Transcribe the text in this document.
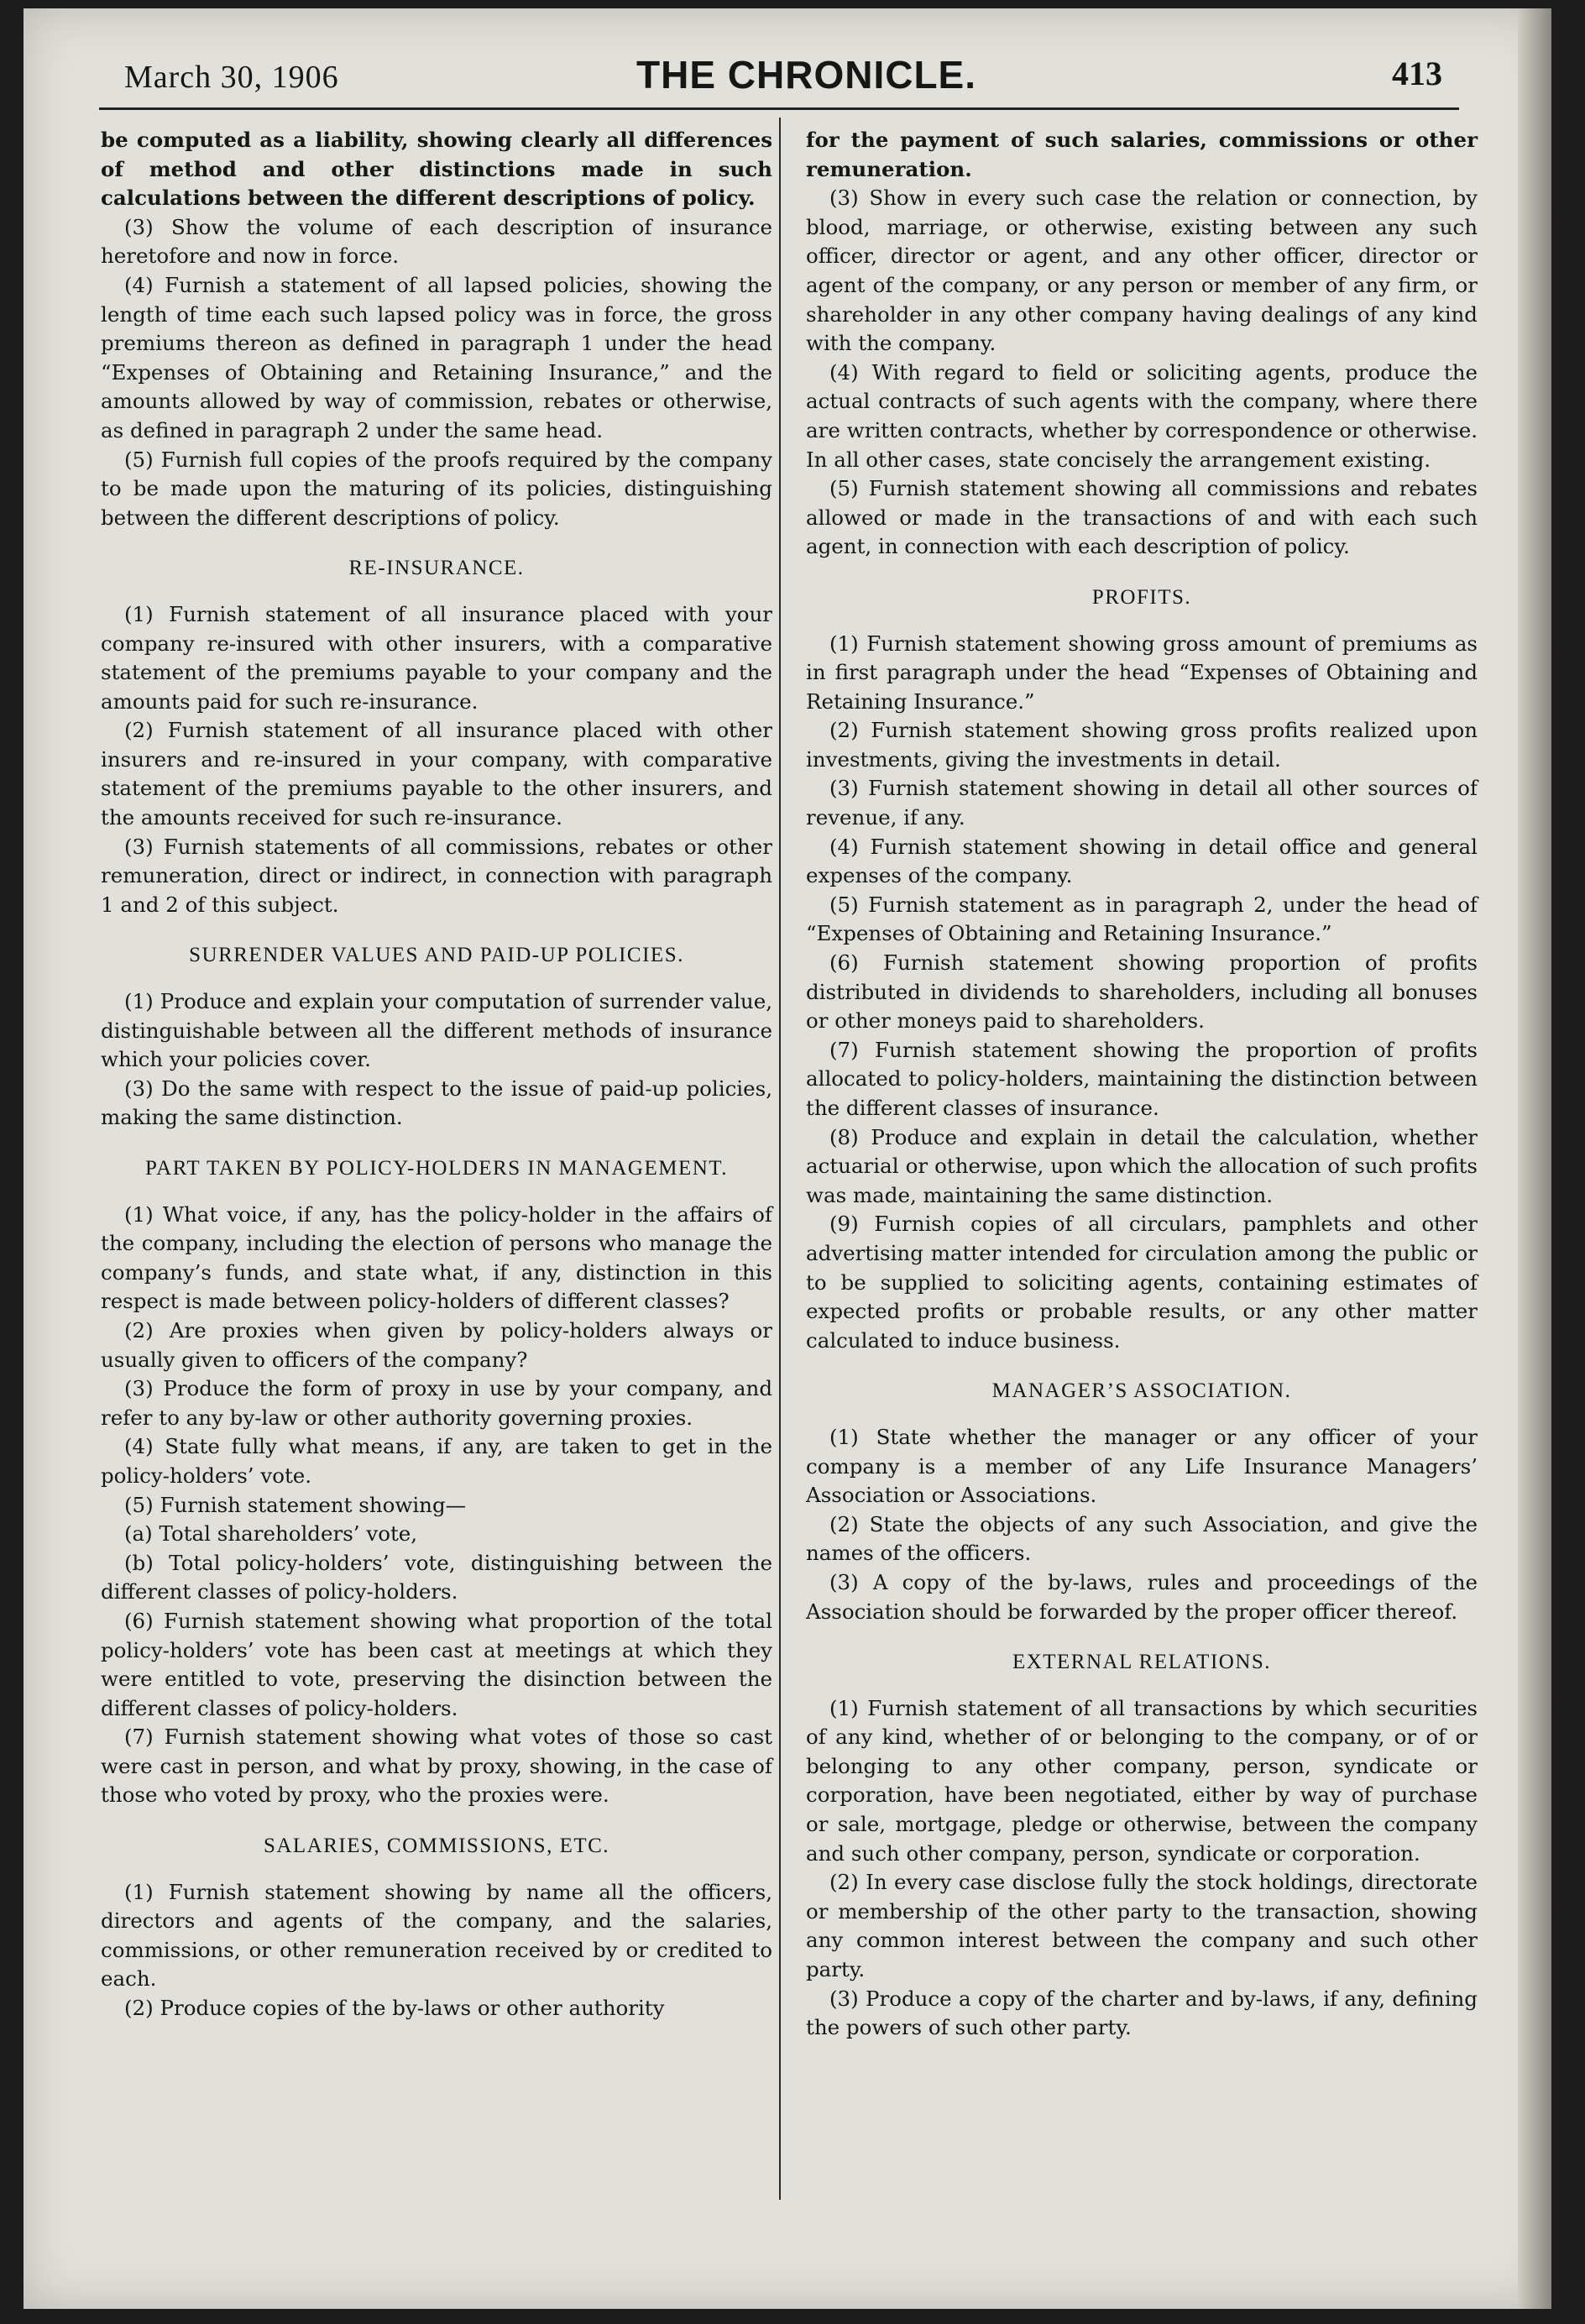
March 30, 1906	THE CHRONICLE.	413

be computed as a liability, showing clearly all differences of method and other distinctions made in such calculations between the different descriptions of policy.

(3) Show the volume of each description of insurance heretofore and now in force.

(4) Furnish a statement of all lapsed policies, showing the length of time each such lapsed policy was in force, the gross premiums thereon as defined in paragraph 1 under the head “Expenses of Obtaining and Retaining Insurance,” and the amounts allowed by way of commission, rebates or otherwise, as defined in paragraph 2 under the same head.

(5) Furnish full copies of the proofs required by the company to be made upon the maturing of its policies, distinguishing between the different descriptions of policy.

RE-INSURANCE.

(1) Furnish statement of all insurance placed with your company re-insured with other insurers, with a comparative statement of the premiums payable to your company and the amounts paid for such re-insurance.

(2) Furnish statement of all insurance placed with other insurers and re-insured in your company, with comparative statement of the premiums payable to the other insurers, and the amounts received for such re-insurance.

(3) Furnish statements of all commissions, rebates or other remuneration, direct or indirect, in connection with paragraph 1 and 2 of this subject.

SURRENDER VALUES AND PAID-UP POLICIES.

(1) Produce and explain your computation of surrender value, distinguishable between all the different methods of insurance which your policies cover.

(3) Do the same with respect to the issue of paid-up policies, making the same distinction.

PART TAKEN BY POLICY-HOLDERS IN MANAGEMENT.

(1) What voice, if any, has the policy-holder in the affairs of the company, including the election of persons who manage the company’s funds, and state what, if any, distinction in this respect is made between policy-holders of different classes?

(2) Are proxies when given by policy-holders always or usually given to officers of the company?

(3) Produce the form of proxy in use by your company, and refer to any by-law or other authority governing proxies.

(4) State fully what means, if any, are taken to get in the policy-holders’ vote.

(5) Furnish statement showing—

(a) Total shareholders’ vote,

(b) Total policy-holders’ vote, distinguishing between the different classes of policy-holders.

(6) Furnish statement showing what proportion of the total policy-holders’ vote has been cast at meetings at which they were entitled to vote, preserving the disinction between the different classes of policy-holders.

(7) Furnish statement showing what votes of those so cast were cast in person, and what by proxy, showing, in the case of those who voted by proxy, who the proxies were.

SALARIES, COMMISSIONS, ETC.

(1) Furnish statement showing by name all the officers, directors and agents of the company, and the salaries, commissions, or other remuneration received by or credited to each.

(2) Produce copies of the by-laws or other authority

for the payment of such salaries, commissions or other remuneration.

(3) Show in every such case the relation or connection, by blood, marriage, or otherwise, existing between any such officer, director or agent, and any other officer, director or agent of the company, or any person or member of any firm, or shareholder in any other company having dealings of any kind with the company.

(4) With regard to field or soliciting agents, produce the actual contracts of such agents with the company, where there are written contracts, whether by correspondence or otherwise. In all other cases, state concisely the arrangement existing.

(5) Furnish statement showing all commissions and rebates allowed or made in the transactions of and with each such agent, in connection with each description of policy.

PROFITS.

(1) Furnish statement showing gross amount of premiums as in first paragraph under the head “Expenses of Obtaining and Retaining Insurance.”

(2) Furnish statement showing gross profits realized upon investments, giving the investments in detail.

(3) Furnish statement showing in detail all other sources of revenue, if any.

(4) Furnish statement showing in detail office and general expenses of the company.

(5) Furnish statement as in paragraph 2, under the head of “Expenses of Obtaining and Retaining Insurance.”

(6) Furnish statement showing proportion of profits distributed in dividends to shareholders, including all bonuses or other moneys paid to shareholders.

(7) Furnish statement showing the proportion of profits allocated to policy-holders, maintaining the distinction between the different classes of insurance.

(8) Produce and explain in detail the calculation, whether actuarial or otherwise, upon which the allocation of such profits was made, maintaining the same distinction.

(9) Furnish copies of all circulars, pamphlets and other advertising matter intended for circulation among the public or to be supplied to soliciting agents, containing estimates of expected profits or probable results, or any other matter calculated to induce business.

MANAGER’S ASSOCIATION.

(1) State whether the manager or any officer of your company is a member of any Life Insurance Managers’ Association or Associations.

(2) State the objects of any such Association, and give the names of the officers.

(3) A copy of the by-laws, rules and proceedings of the Association should be forwarded by the proper officer thereof.

EXTERNAL RELATIONS.

(1) Furnish statement of all transactions by which securities of any kind, whether of or belonging to the company, or of or belonging to any other company, person, syndicate or corporation, have been negotiated, either by way of purchase or sale, mortgage, pledge or otherwise, between the company and such other company, person, syndicate or corporation.

(2) In every case disclose fully the stock holdings, directorate or membership of the other party to the transaction, showing any common interest between the company and such other party.

(3) Produce a copy of the charter and by-laws, if any, defining the powers of such other party.
